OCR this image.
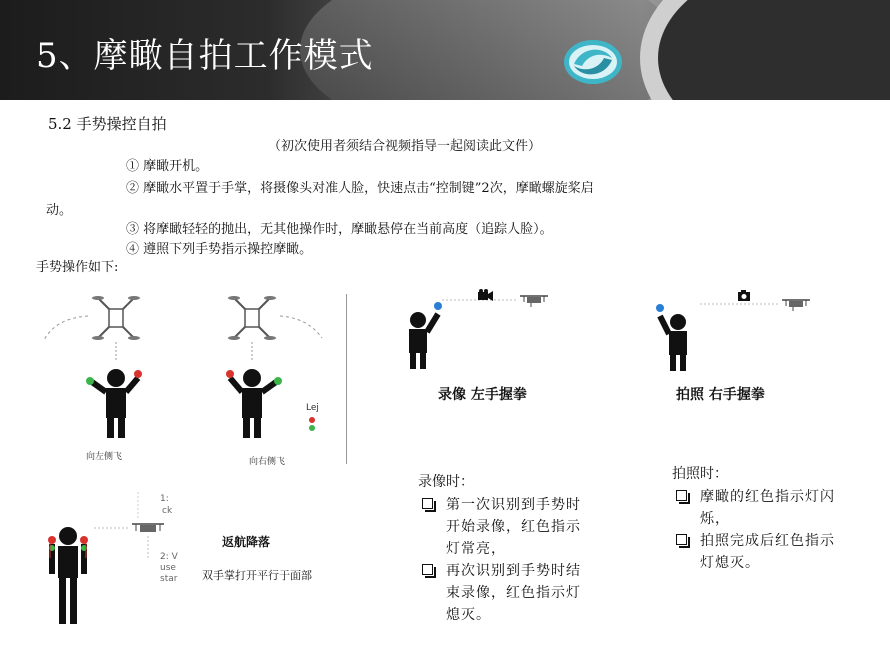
5、摩瞰自拍工作模式
5.2 手势操控自拍
（初次使用者须结合视频指导一起阅读此文件）
① 摩瞰开机。
② 摩瞰水平置于手掌，将摄像头对准人脸，快速点击“控制键”2次，摩瞰螺旋桨启
动。
③ 将摩瞰轻轻的抛出，无其他操作时，摩瞰悬停在当前高度（追踪人脸）。
④ 遵照下列手势指示操控摩瞰。
手势操作如下:
Lej
向左侧飞	向右侧飞
录像 左手握拳	拍照 右手握拳
1:
ck
2: V
use
star
返航降落
双手掌打开平行于面部
录像时：
第一次识别到手势时
开始录像，红色指示
灯常亮，
再次识别到手势时结
束录像，红色指示灯
熄灭。
拍照时：
摩瞰的红色指示灯闪
烁，
拍照完成后红色指示
灯熄灭。
